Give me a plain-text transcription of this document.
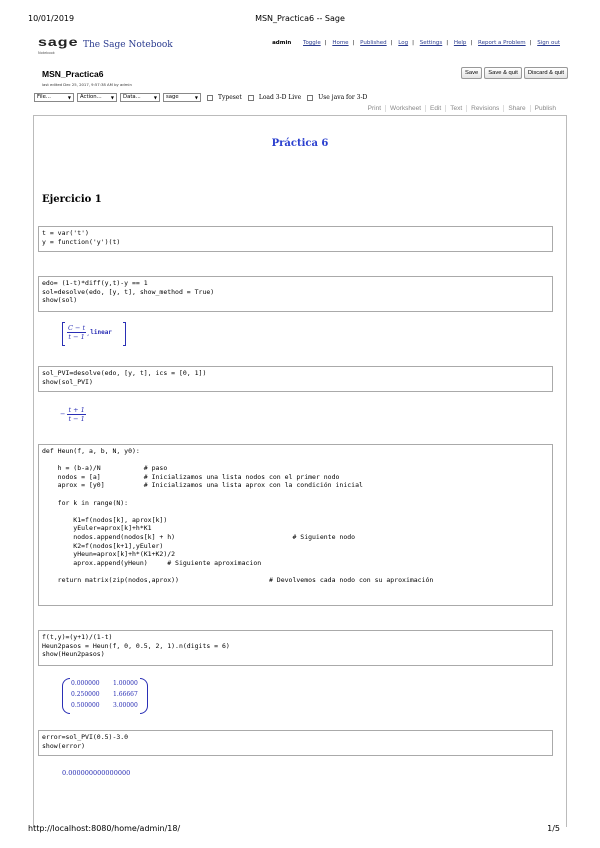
10/01/2019	MSN_Practica6 -- Sage
sage
Notebook
The Sage Notebook	admin Toggle | Home | Published | Log | Settings | Help | Report a Problem | Sign out
MSN_Practica6
last edited Dec 25, 2017, 9:57:38 AM by admin
Save	Save & quit	Discard & quit
File...	▼ Action... ▼ Data...	▼ sage	▼	Typeset	Load 3-D Live	Use java for 3-D
Print	Worksheet	Edit	Text	Revisions	Share	Publish
Práctica 6
Ejercicio 1
t = var('t')
y = function('y')(t)
edo= (1-t)*diff(y,t)-y == 1
sol=desolve(edo, [y, t], show_method = True)
show(sol)
$\frac{C - t}{t - 1}$ , linear
sol_PVI=desolve(edo, [y, t], ics = [0, 1])
show(sol_PVI)
− $\frac{t + 1}{t - 1}$
def Heun(f, a, b, N, y0):

h = (b-a)/N           # paso
nodos = [a]           # Inicializamos una lista nodos con el primer nodo
aprox = [y0]          # Inicializamos una lista aprox con la condición inicial

for k in range(N):

K1=f(nodos[k], aprox[k])
yEuler=aprox[k]+h*K1
nodos.append(nodos[k] + h)                              # Siguiente nodo
K2=f(nodos[k+1],yEuler)
yHeun=aprox[k]+h*(K1+K2)/2
aprox.append(yHeun)     # Siguiente aproximacion

return matrix(zip(nodos,aprox))                       # Devolvemos cada nodo con su aproximación
f(t,y)=(y+1)/(1-t)
Heun2pasos = Heun(f, 0, 0.5, 2, 1).n(digits = 6)
show(Heun2pasos)
0.000000 1.00000
0.250000 1.66667
0.500000 3.00000
error=sol_PVI(0.5)-3.0
show(error)
0.000000000000000
http://localhost:8080/home/admin/18/	1/5
